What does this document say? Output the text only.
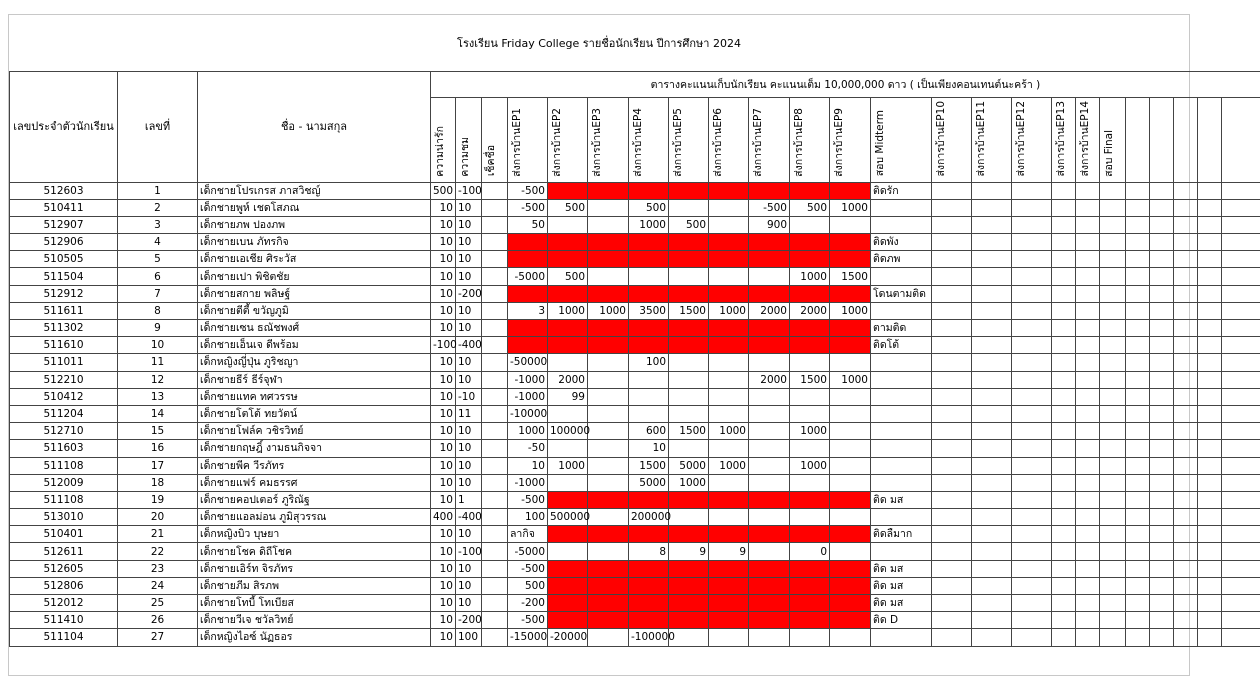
โรงเรียน Friday College รายชื่อนักเรียน ปีการศึกษา 2024
เลขประจำตัวนักเรียน	เลขที่	ชื่อ - นามสกุล	ตารางคะแนนเก็บนักเรียน คะแนนเต็ม 10,000,000 ดาว ( เป็นเพียงคอนเทนต์นะคร้า )																							
			ความน่ารัก	ความชม	เช็คชื่อ	ส่งการบ้านEP1	ส่งการบ้านEP2	ส่งการบ้านEP3	ส่งการบ้านEP4	ส่งการบ้านEP5	ส่งการบ้านEP6	ส่งการบ้านEP7	ส่งการบ้านEP8	ส่งการบ้านEP9	สอบ Midterm	ส่งการบ้านEP10	ส่งการบ้านEP11	ส่งการบ้านEP12	ส่งการบ้านEP13	ส่งการบ้านEP14	สอบ Final					
512603	1	เด็กชายโปรเกรส ภาสวิชญ์	500	-100		-500									ติดรัก											
510411	2	เด็กชายพูห์ เชดโสภณ	10	10		-500	500		500			-500	500	1000												
512907	3	เด็กชายภพ ปองภพ	10	10		50			1000	500		900														
512906	4	เด็กชายเบน ภัทรกิจ	10	10											ติดพัง											
510505	5	เด็กชายเอเชีย ศิระวัส	10	10											ติดภพ											
511504	6	เด็กชายเปา พิชิตชัย	10	10		-5000	500						1000	1500												
512912	7	เด็กชายสกาย พลิษฐ์	10	-200											โดนตามติด											
511611	8	เด็กชายตีตี้ ขวัญภูมิ	10	10		3	1000	1000	3500	1500	1000	2000	2000	1000												
511302	9	เด็กชายเซน ธณัชพงศ์	10	10											ตามติด											
511610	10	เด็กชายเอ็นเจ ดีพร้อม	-100	-400											ติดโต้											
511011	11	เด็กหญิงญี่ปุ่น ภูริชญา	10	10		-50000			100																	
512210	12	เด็กชายธีร์ ธีร์จุฬา	10	10		-1000	2000					2000	1500	1000												
510412	13	เด็กชายแทค ทศวรรษ	10	-10		-1000	99																			
511204	14	เด็กชายโตโต้ ทยวัตน์	10	11		-10000																				
512710	15	เด็กชายโฟล์ค วชิรวิทย์	10	10		1000	100000		600	1500	1000		1000													
511603	16	เด็กชายกฤษฎิ์ งามธนกิจจา	10	10		-50			10																	
511108	17	เด็กชายพีค วีรภัทร	10	10		10	1000		1500	5000	1000		1000													
512009	18	เด็กชายแฟร์ คมธรรศ	10	10		-1000			5000	1000																
511108	19	เด็กชายคอปเตอร์ ภูริณัฐ	10	1		-500									ติด มส											
513010	20	เด็กชายแอลม่อน ภูมิสุวรรณ	400	-400		100	500000		200000																	
510401	21	เด็กหญิงบิว บุษยา	10	10		ลากิจ									ติดลืมาก											
512611	22	เด็กชายโชค ดิถีโชค	10	-100		-5000			8	9	9		0													
512605	23	เด็กชายเอิร์ท จิรภัทร	10	10		-500									ติด มส											
512806	24	เด็กชายภีม สิรภพ	10	10		500									ติด มส											
512012	25	เด็กชายโทบี้ โทเบียส	10	10		-200									ติด มส											
511410	26	เด็กชายวีเจ ชวัลวิทย์	10	-200		-500									ติด D											
511104	27	เด็กหญิงไอซ์ นัฏธอร	10	100		-15000	-20000		-100000																	
